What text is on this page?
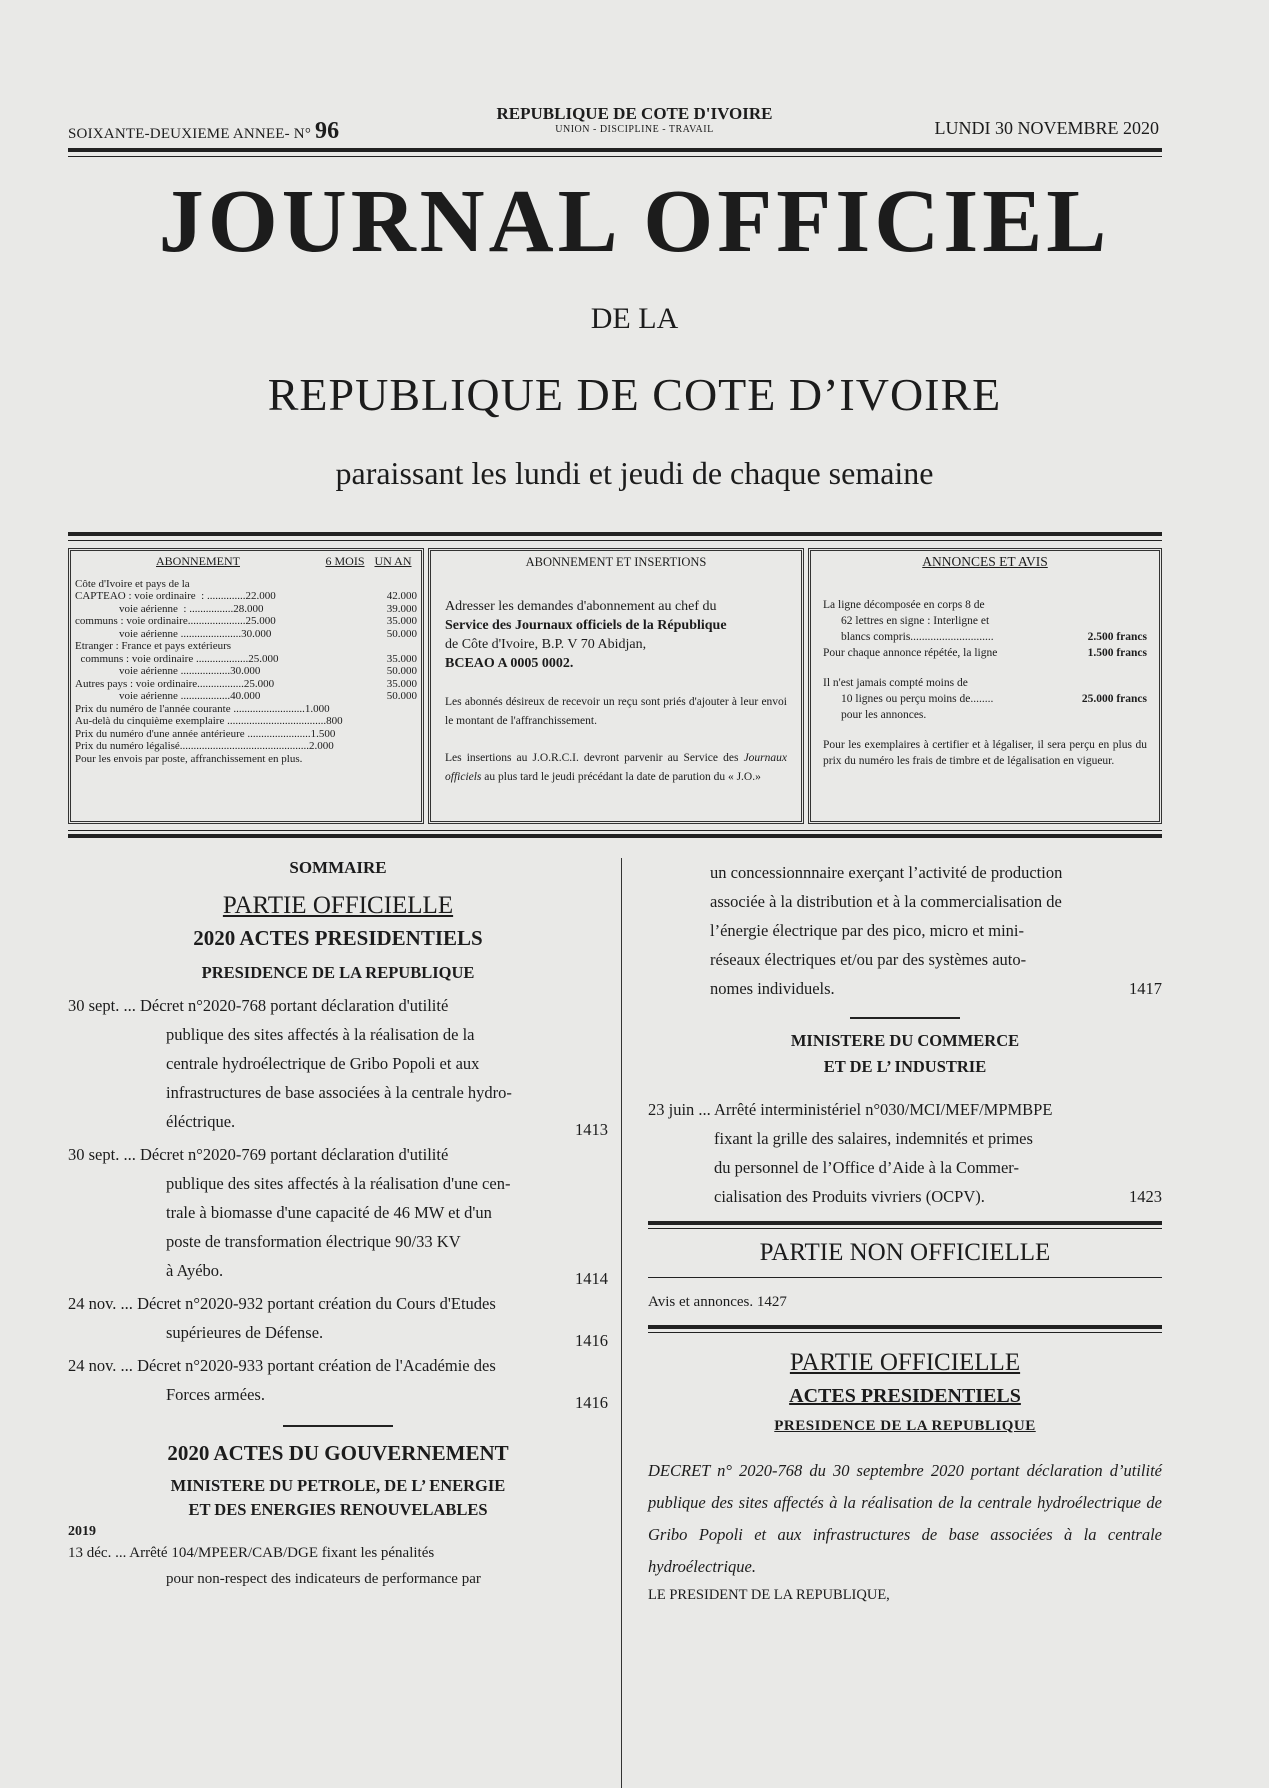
SOIXANTE-DEUXIEME ANNEE- N° 96
REPUBLIQUE DE COTE D'IVOIRE
UNION - DISCIPLINE - TRAVAIL	LUNDI 30 NOVEMBRE 2020
JOURNAL OFFICIEL
DE LA
REPUBLIQUE DE COTE D’IVOIRE
paraissant les lundi et jeudi de chaque semaine
ABONNEMENT	6 MOIS	UN AN

Côte d'Ivoire et pays de la		
CAPTEAO : voie ordinaire  : ..............22.000		42.000
voie aérienne  : ................28.000		39.000
communs : voie ordinaire.....................25.000		35.000
voie aérienne ......................30.000		50.000
Etranger : France et pays extérieurs		
communs : voie ordinaire ...................25.000		35.000
voie aérienne ..................30.000		50.000
Autres pays : voie ordinaire.................25.000		35.000
voie aérienne ..................40.000		50.000
Prix du numéro de l'année courante ..........................1.000		
Au-delà du cinquième exemplaire ....................................800		
Prix du numéro d'une année antérieure .......................1.500		
Prix du numéro légalisé...............................................2.000		
Pour les envois par poste, affranchissement en plus.		
ABONNEMENT ET INSERTIONS
Adresser les demandes d'abonnement au chef du
Service des Journaux officiels de la République
de Côte d'Ivoire, B.P. V 70 Abidjan,
BCEAO A 0005 0002.
Les abonnés désireux de recevoir un reçu sont priés d'ajouter à leur envoi le montant de l'affranchissement.
Les insertions au J.O.R.C.I. devront parvenir au Service des Journaux officiels au plus tard le jeudi précédant la date de parution du « J.O.»
ANNONCES ET AVIS
La ligne décomposée en corps 8 de
62 lettres en signe : Interligne et
blancs compris.............................	2.500 francs
Pour chaque annonce répétée, la ligne	1.500 francs
Il n'est jamais compté moins de
10 lignes ou perçu moins de........	25.000 francs
pour les annonces.
Pour les exemplaires à certifier et à légaliser, il sera perçu en plus du prix du numéro les frais de timbre et de légalisation en vigueur.
SOMMAIRE
PARTIE OFFICIELLE
2020 ACTES PRESIDENTIELS
PRESIDENCE DE LA REPUBLIQUE
30 sept. ... Décret n°2020-768 portant déclaration d'utilité
publique des sites affectés à la réalisation de la
centrale hydroélectrique de Gribo Popoli et aux
infrastructures de base associées à la centrale hydro-
éléctrique.	1413
30 sept. ... Décret n°2020-769 portant déclaration d'utilité
publique des sites affectés à la réalisation d'une cen-
trale à biomasse d'une capacité de 46 MW et d'un
poste de transformation électrique 90/33 KV
à Ayébo.	1414
24 nov. ... Décret n°2020-932 portant création du Cours d'Etudes
supérieures de Défense.	1416
24 nov. ... Décret n°2020-933 portant création de l'Académie des
Forces armées.	1416
2020 ACTES DU GOUVERNEMENT
MINISTERE DU PETROLE, DE L’ ENERGIE
ET DES ENERGIES RENOUVELABLES
2019
13 déc. ... Arrêté 104/MPEER/CAB/DGE fixant les pénalités
pour non-respect des indicateurs de performance par
un concessionnnaire exerçant l’activité de production
associée à la distribution et à la commercialisation de
l’énergie électrique par des pico, micro et mini-
réseaux électriques et/ou par des systèmes auto-
nomes individuels.	1417
MINISTERE DU COMMERCE
ET DE L’ INDUSTRIE
23 juin ... Arrêté interministériel n°030/MCI/MEF/MPMBPE
fixant la grille des salaires, indemnités et primes
du personnel de l’Office d’Aide à la Commer-
cialisation des Produits vivriers (OCPV).	1423
PARTIE NON OFFICIELLE
Avis et annonces. 1427
PARTIE OFFICIELLE
ACTES PRESIDENTIELS
PRESIDENCE DE LA REPUBLIQUE
DECRET n° 2020-768 du 30 septembre 2020 portant déclaration d’utilité publique des sites affectés à la réalisation de la centrale hydroélectrique de Gribo Popoli et aux infrastructures de base associées à la centrale hydroélectrique.
LE PRESIDENT DE LA REPUBLIQUE,
